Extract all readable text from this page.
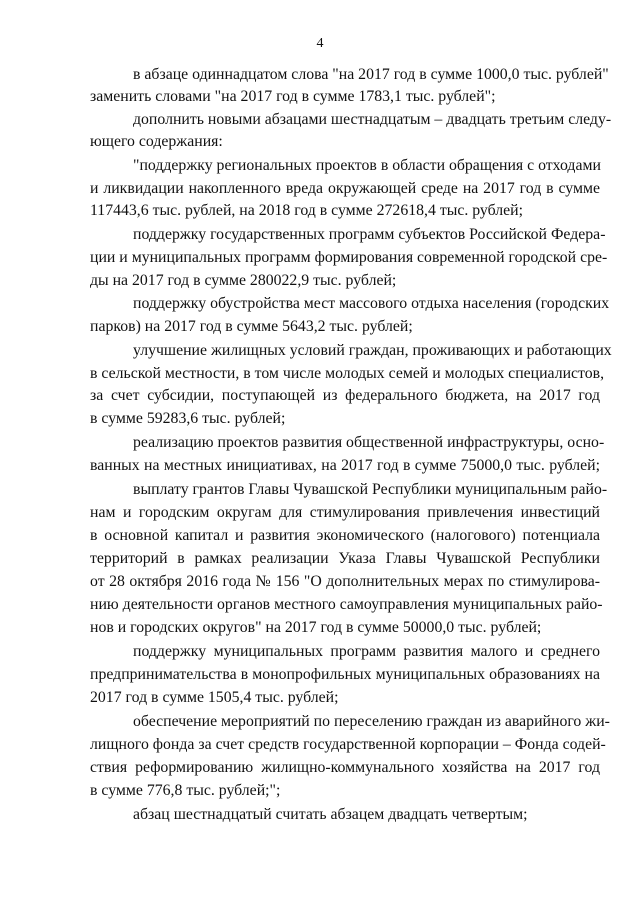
4
в абзаце одиннадцатом слова "на 2017 год в сумме 1000,0 тыс. рублей"
заменить словами "на 2017 год в сумме 1783,1 тыс. рублей";
дополнить новыми абзацами шестнадцатым – двадцать третьим следу-
ющего содержания:
"поддержку региональных проектов в области обращения с отходами
и ликвидации накопленного вреда окружающей среде на 2017 год в сумме
117443,6 тыс. рублей, на 2018 год в сумме 272618,4 тыс. рублей;
поддержку государственных программ субъектов Российской Федера-
ции и муниципальных программ формирования современной городской сре-
ды на 2017 год в сумме 280022,9 тыс. рублей;
поддержку обустройства мест массового отдыха населения (городских
парков) на 2017 год в сумме 5643,2 тыс. рублей;
улучшение жилищных условий граждан, проживающих и работающих
в сельской местности, в том числе молодых семей и молодых специалистов,
за счет субсидии, поступающей из федерального бюджета, на 2017 год
в сумме 59283,6 тыс. рублей;
реализацию проектов развития общественной инфраструктуры, осно-
ванных на местных инициативах, на 2017 год в сумме 75000,0 тыс. рублей;
выплату грантов Главы Чувашской Республики муниципальным райо-
нам и городским округам для стимулирования привлечения инвестиций
в основной капитал и развития экономического (налогового) потенциала
территорий в рамках реализации Указа Главы Чувашской Республики
от 28 октября 2016 года № 156 "О дополнительных мерах по стимулирова-
нию деятельности органов местного самоуправления муниципальных райо-
нов и городских округов" на 2017 год в сумме 50000,0 тыс. рублей;
поддержку муниципальных программ развития малого и среднего
предпринимательства в монопрофильных муниципальных образованиях на
2017 год в сумме 1505,4 тыс. рублей;
обеспечение мероприятий по переселению граждан из аварийного жи-
лищного фонда за счет средств государственной корпорации – Фонда содей-
ствия реформированию жилищно-коммунального хозяйства на 2017 год
в сумме 776,8 тыс. рублей;";
абзац шестнадцатый считать абзацем двадцать четвертым;
